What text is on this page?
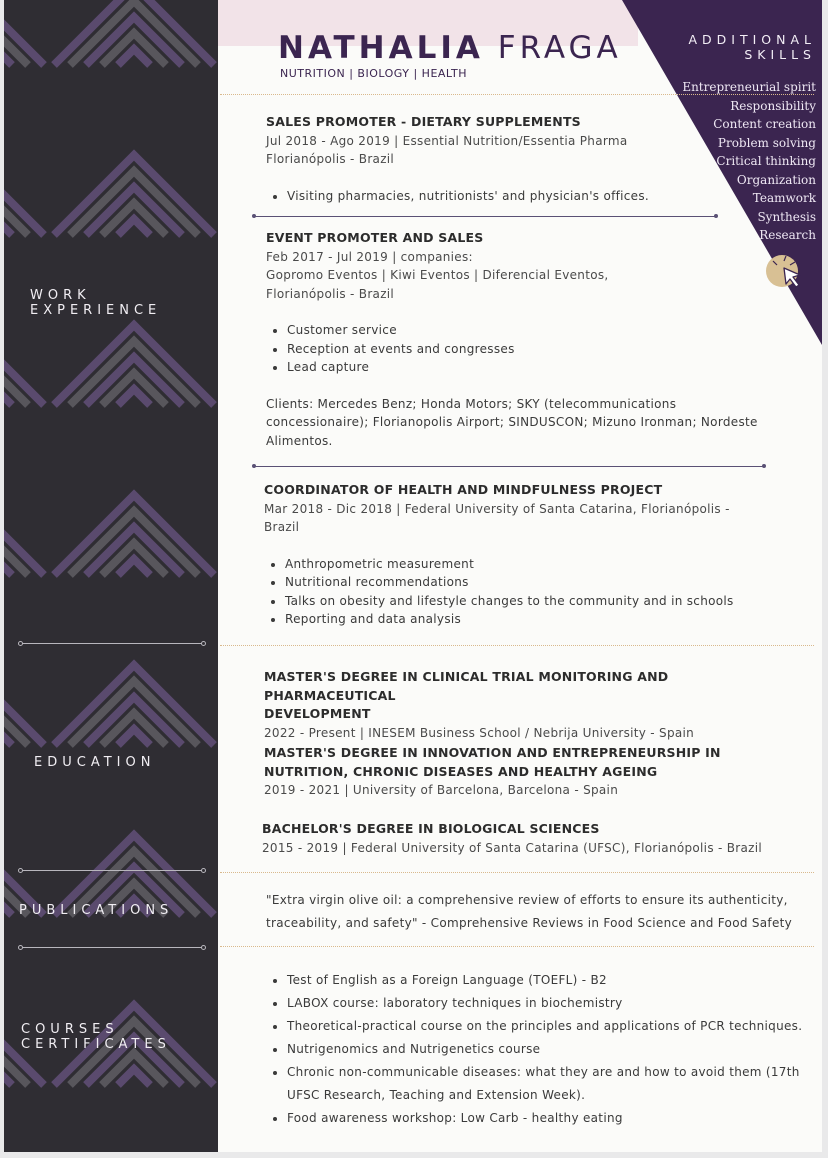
WORK
EXPERIENCE
EDUCATION
PUBLICATIONS
COURSES
CERTIFICATES
NATHALIA FRAGA
NUTRITION | BIOLOGY | HEALTH
ADDITIONAL
SKILLS
Entrepreneurial spirit
Responsibility
Content creation
Problem solving
Critical thinking
Organization
Teamwork
Synthesis
Research
SALES PROMOTER - DIETARY SUPPLEMENTS
Jul 2018 - Ago 2019 | Essential Nutrition/Essentia Pharma
Florianópolis - Brazil
• Visiting pharmacies, nutritionists' and physician's offices.
EVENT PROMOTER AND SALES
Feb 2017 - Jul 2019 | companies:
Gopromo Eventos | Kiwi Eventos | Diferencial Eventos,
Florianópolis - Brazil
• Customer service
• Reception at events and congresses
• Lead capture
Clients: Mercedes Benz; Honda Motors; SKY (telecommunications
concessionaire); Florianopolis Airport; SINDUSCON; Mizuno Ironman; Nordeste
Alimentos.
COORDINATOR OF HEALTH AND MINDFULNESS PROJECT
Mar 2018 - Dic 2018 | Federal University of Santa Catarina, Florianópolis -
Brazil
• Anthropometric measurement
• Nutritional recommendations
• Talks on obesity and lifestyle changes to the community and in schools
• Reporting and data analysis
MASTER'S DEGREE IN CLINICAL TRIAL MONITORING AND PHARMACEUTICAL
DEVELOPMENT
2022 - Present | INESEM Business School / Nebrija University - Spain
MASTER'S DEGREE IN INNOVATION AND ENTREPRENEURSHIP IN
NUTRITION, CHRONIC DISEASES AND HEALTHY AGEING
2019 - 2021 | University of Barcelona, Barcelona - Spain
BACHELOR'S DEGREE IN BIOLOGICAL SCIENCES
2015 - 2019 | Federal University of Santa Catarina (UFSC), Florianópolis - Brazil
"Extra virgin olive oil: a comprehensive review of efforts to ensure its authenticity,
traceability, and safety" - Comprehensive Reviews in Food Science and Food Safety
• Test of English as a Foreign Language (TOEFL) - B2
• LABOX course: laboratory techniques in biochemistry
• Theoretical-practical course on the principles and applications of PCR techniques.
• Nutrigenomics and Nutrigenetics course
• Chronic non-communicable diseases: what they are and how to avoid them (17th
UFSC Research, Teaching and Extension Week).
• Food awareness workshop: Low Carb - healthy eating
